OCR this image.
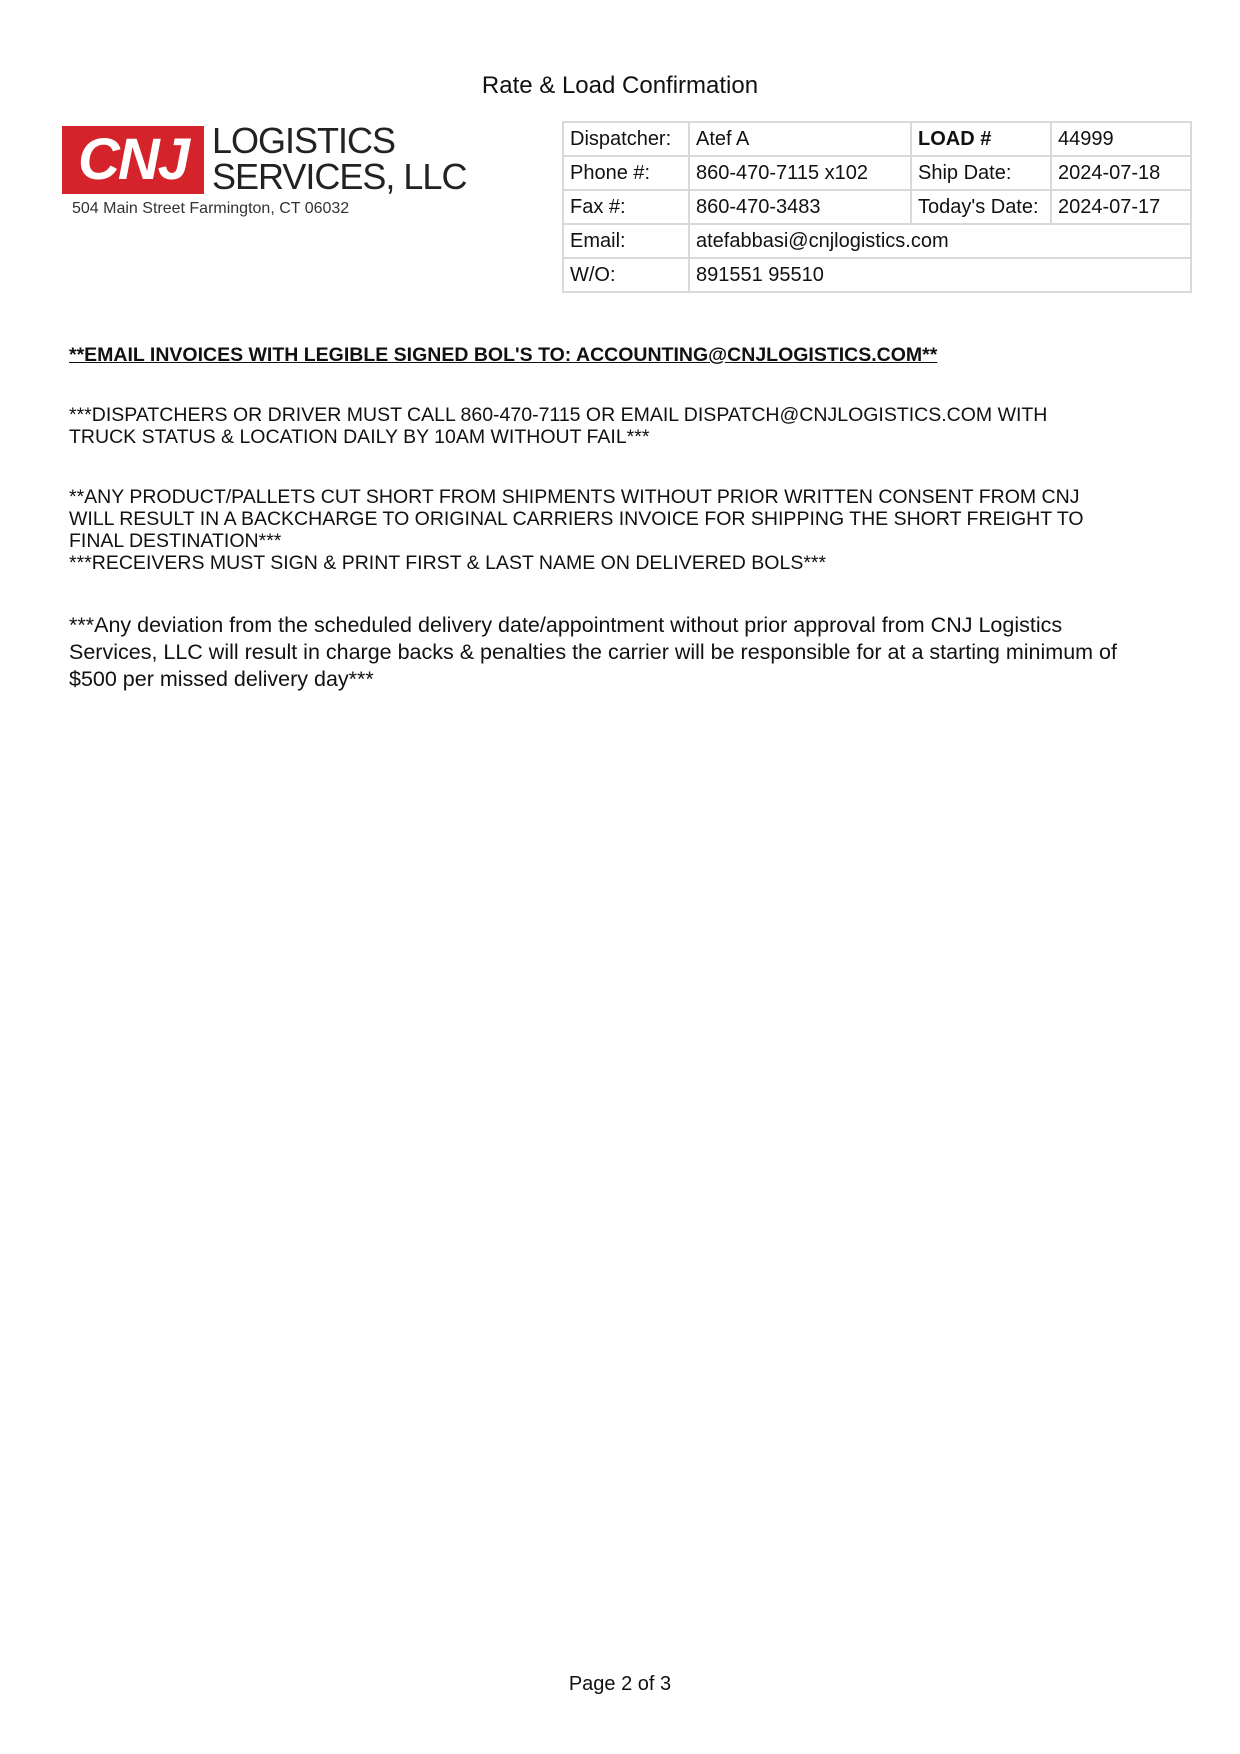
Rate & Load Confirmation
CNJ LOGISTICS
SERVICES, LLC
504 Main Street Farmington, CT 06032
Dispatcher:	Atef A	LOAD #	44999
Phone #:	860-470-7115 x102	Ship Date:	2024-07-18
Fax #:	860-470-3483	Today's Date:	2024-07-17
Email:	atefabbasi@cnjlogistics.com		
W/O:	891551 95510		
**EMAIL INVOICES WITH LEGIBLE SIGNED BOL'S TO: ACCOUNTING@CNJLOGISTICS.COM**
***DISPATCHERS OR DRIVER MUST CALL 860-470-7115 OR EMAIL DISPATCH@CNJLOGISTICS.COM WITH
TRUCK STATUS & LOCATION DAILY BY 10AM WITHOUT FAIL***
**ANY PRODUCT/PALLETS CUT SHORT FROM SHIPMENTS WITHOUT PRIOR WRITTEN CONSENT FROM CNJ
WILL RESULT IN A BACKCHARGE TO ORIGINAL CARRIERS INVOICE FOR SHIPPING THE SHORT FREIGHT TO
FINAL DESTINATION***
***RECEIVERS MUST SIGN & PRINT FIRST & LAST NAME ON DELIVERED BOLS***
***Any deviation from the scheduled delivery date/appointment without prior approval from CNJ Logistics
Services, LLC will result in charge backs & penalties the carrier will be responsible for at a starting minimum of
$500 per missed delivery day***
Page 2 of 3
